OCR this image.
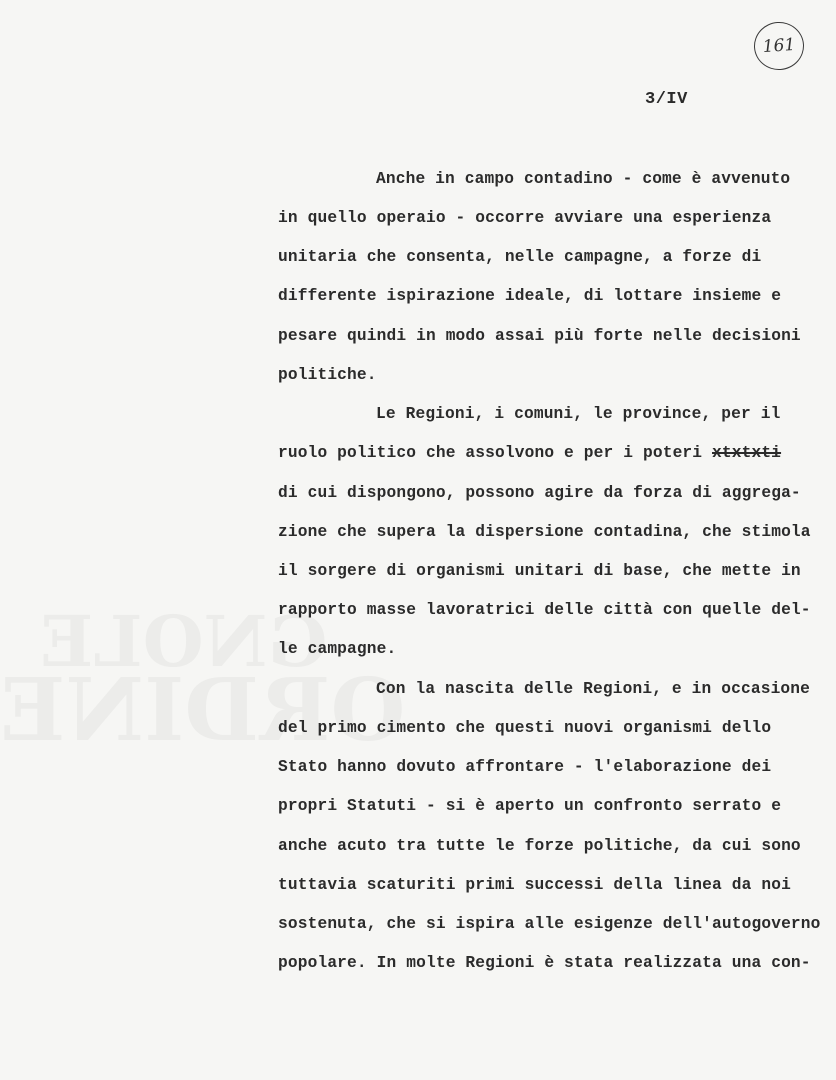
161
3/IV
Anche in campo contadino - come è avvenuto
in quello operaio - occorre avviare una esperienza
unitaria che consenta, nelle campagne, a forze di
differente ispirazione ideale, di lottare insieme e
pesare quindi in modo assai più forte nelle decisioni
politiche.
Le Regioni, i comuni, le province, per il
ruolo politico che assolvono e per i poteri xtxtxti
di cui dispongono, possono agire da forza di aggrega-
zione che supera la dispersione contadina, che stimola
il sorgere di organismi unitari di base, che mette in
rapporto masse lavoratrici delle città con quelle del-
le campagne.
Con la nascita delle Regioni, e in occasione
del primo cimento che questi nuovi organismi dello
Stato hanno dovuto affrontare - l'elaborazione dei
propri Statuti - si è aperto un confronto serrato e
anche acuto tra tutte le forze politiche, da cui sono
tuttavia scaturiti primi successi della linea da noi
sostenuta, che si ispira alle esigenze dell'autogoverno
popolare. In molte Regioni è stata realizzata una con-
